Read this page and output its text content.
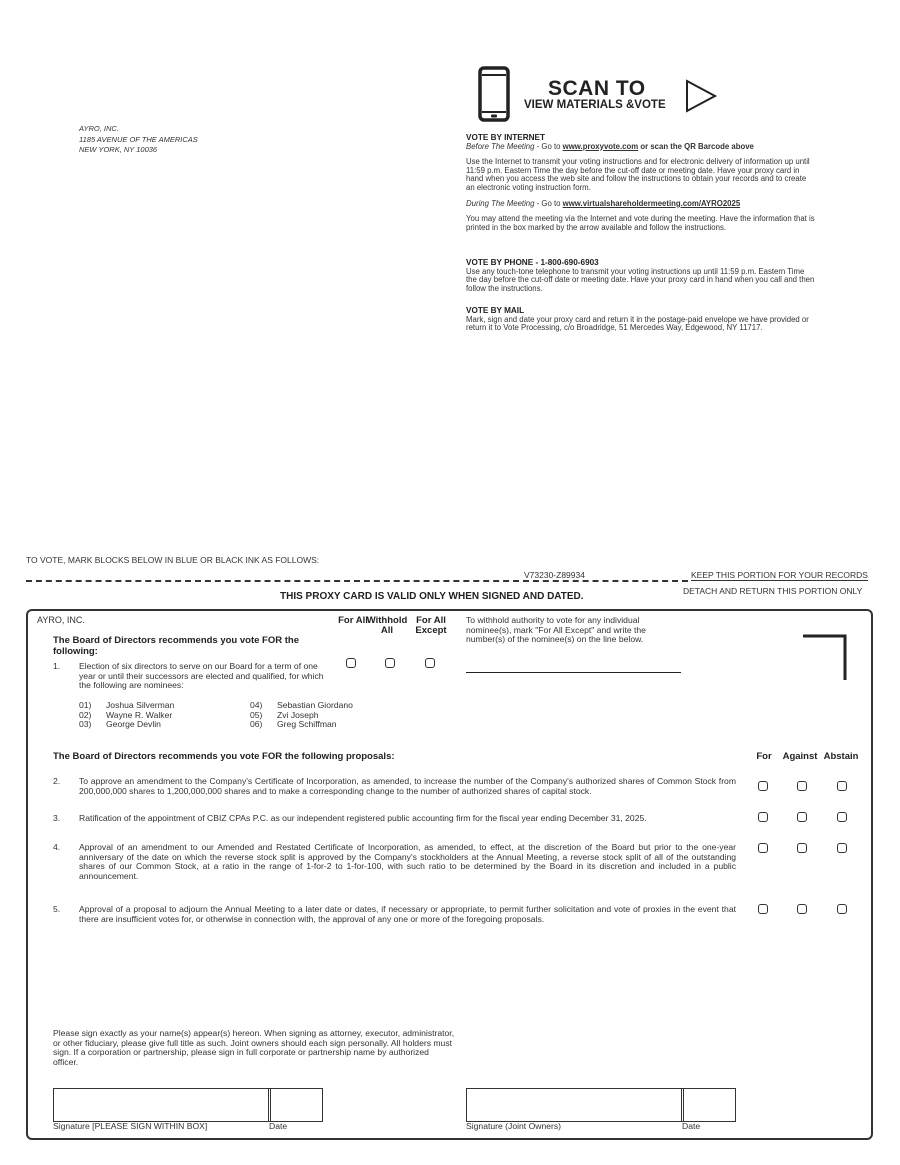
AYRO, INC.
1185 AVENUE OF THE AMERICAS
NEW YORK, NY 10036
SCAN TO
VIEW MATERIALS &VOTE
VOTE BY INTERNET
Before The Meeting - Go to www.proxyvote.com or scan the QR Barcode above
Use the Internet to transmit your voting instructions and for electronic delivery of information up until 11:59 p.m. Eastern Time the day before the cut-off date or meeting date. Have your proxy card in hand when you access the web site and follow the instructions to obtain your records and to create an electronic voting instruction form.
During The Meeting - Go to www.virtualshareholdermeeting.com/AYRO2025
You may attend the meeting via the Internet and vote during the meeting. Have the information that is printed in the box marked by the arrow available and follow the instructions.
VOTE BY PHONE - 1-800-690-6903
Use any touch-tone telephone to transmit your voting instructions up until 11:59 p.m. Eastern Time the day before the cut-off date or meeting date. Have your proxy card in hand when you call and then follow the instructions.
VOTE BY MAIL
Mark, sign and date your proxy card and return it in the postage-paid envelope we have provided or return it to Vote Processing, c/o Broadridge, 51 Mercedes Way, Edgewood, NY 11717.
TO VOTE, MARK BLOCKS BELOW IN BLUE OR BLACK INK AS FOLLOWS:
V73230-Z89934	KEEP THIS PORTION FOR YOUR RECORDS
DETACH AND RETURN THIS PORTION ONLY
THIS PROXY CARD IS VALID ONLY WHEN SIGNED AND DATED.
AYRO, INC.
The Board of Directors recommends you vote FOR the following:
For All
Withhold All
For All Except
To withhold authority to vote for any individual nominee(s), mark "For All Except" and write the number(s) of the nominee(s) on the line below.
1. Election of six directors to serve on our Board for a term of one year or until their successors are elected and qualified, for which the following are nominees:
01)	Joshua Silverman	04)	Sebastian Giordano
02)	Wayne R. Walker	05)	Zvi Joseph
03)	George Devlin	06)	Greg Schiffman
The Board of Directors recommends you vote FOR the following proposals:	For	Against Abstain
2. To approve an amendment to the Company's Certificate of Incorporation, as amended, to increase the number of the Company's authorized shares of Common Stock from 200,000,000 shares to 1,200,000,000 shares and to make a corresponding change to the number of authorized shares of capital stock.
3. Ratification of the appointment of CBIZ CPAs P.C. as our independent registered public accounting firm for the fiscal year ending December 31, 2025.
4. Approval of an amendment to our Amended and Restated Certificate of Incorporation, as amended, to effect, at the discretion of the Board but prior to the one-year anniversary of the date on which the reverse stock split is approved by the Company's stockholders at the Annual Meeting, a reverse stock split of all of the outstanding shares of our Common Stock, at a ratio in the range of 1-for-2 to 1-for-100, with such ratio to be determined by the Board in its discretion and included in a public announcement.
5. Approval of a proposal to adjourn the Annual Meeting to a later date or dates, if necessary or appropriate, to permit further solicitation and vote of proxies in the event that there are insufficient votes for, or otherwise in connection with, the approval of any one or more of the foregoing proposals.
Please sign exactly as your name(s) appear(s) hereon. When signing as attorney, executor, administrator, or other fiduciary, please give full title as such. Joint owners should each sign personally. All holders must sign. If a corporation or partnership, please sign in full corporate or partnership name by authorized officer.
Signature [PLEASE SIGN WITHIN BOX]	Date	Signature (Joint Owners)	Date
